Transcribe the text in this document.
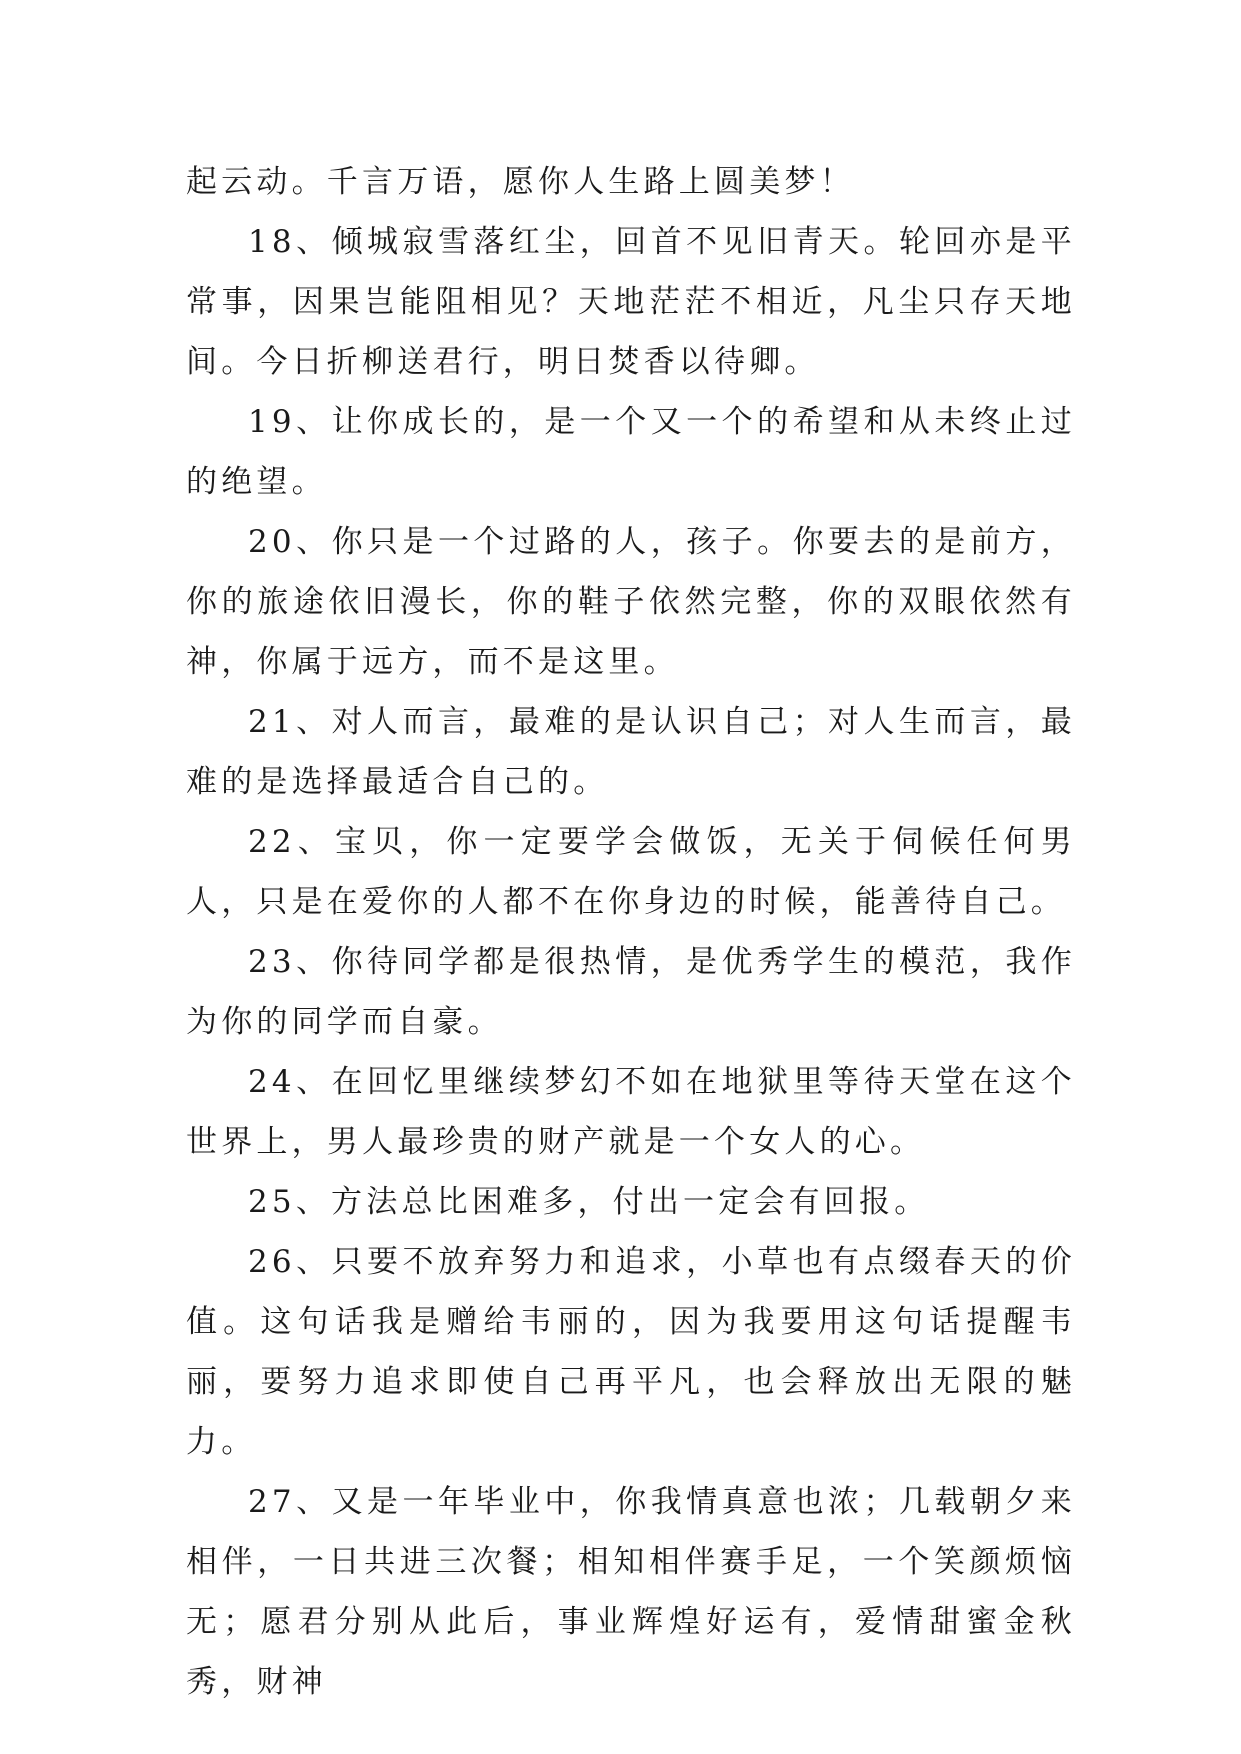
起云动。千言万语，愿你人生路上圆美梦！

18、倾城寂雪落红尘，回首不见旧青天。轮回亦是平常事，因果岂能阻相见？天地茫茫不相近，凡尘只存天地间。今日折柳送君行，明日焚香以待卿。

19、让你成长的，是一个又一个的希望和从未终止过的绝望。

20、你只是一个过路的人，孩子。你要去的是前方，你的旅途依旧漫长，你的鞋子依然完整，你的双眼依然有神，你属于远方，而不是这里。

21、对人而言，最难的是认识自己；对人生而言，最难的是选择最适合自己的。

22、宝贝，你一定要学会做饭，无关于伺候任何男人，只是在爱你的人都不在你身边的时候，能善待自己。

23、你待同学都是很热情，是优秀学生的模范，我作为你的同学而自豪。

24、在回忆里继续梦幻不如在地狱里等待天堂在这个世界上，男人最珍贵的财产就是一个女人的心。

25、方法总比困难多，付出一定会有回报。

26、只要不放弃努力和追求，小草也有点缀春天的价值。这句话我是赠给韦丽的，因为我要用这句话提醒韦丽，要努力追求即使自己再平凡，也会释放出无限的魅力。

27、又是一年毕业中，你我情真意也浓；几载朝夕来相伴，一日共进三次餐；相知相伴赛手足，一个笑颜烦恼无；愿君分别从此后，事业辉煌好运有，爱情甜蜜金秋秀，财神
